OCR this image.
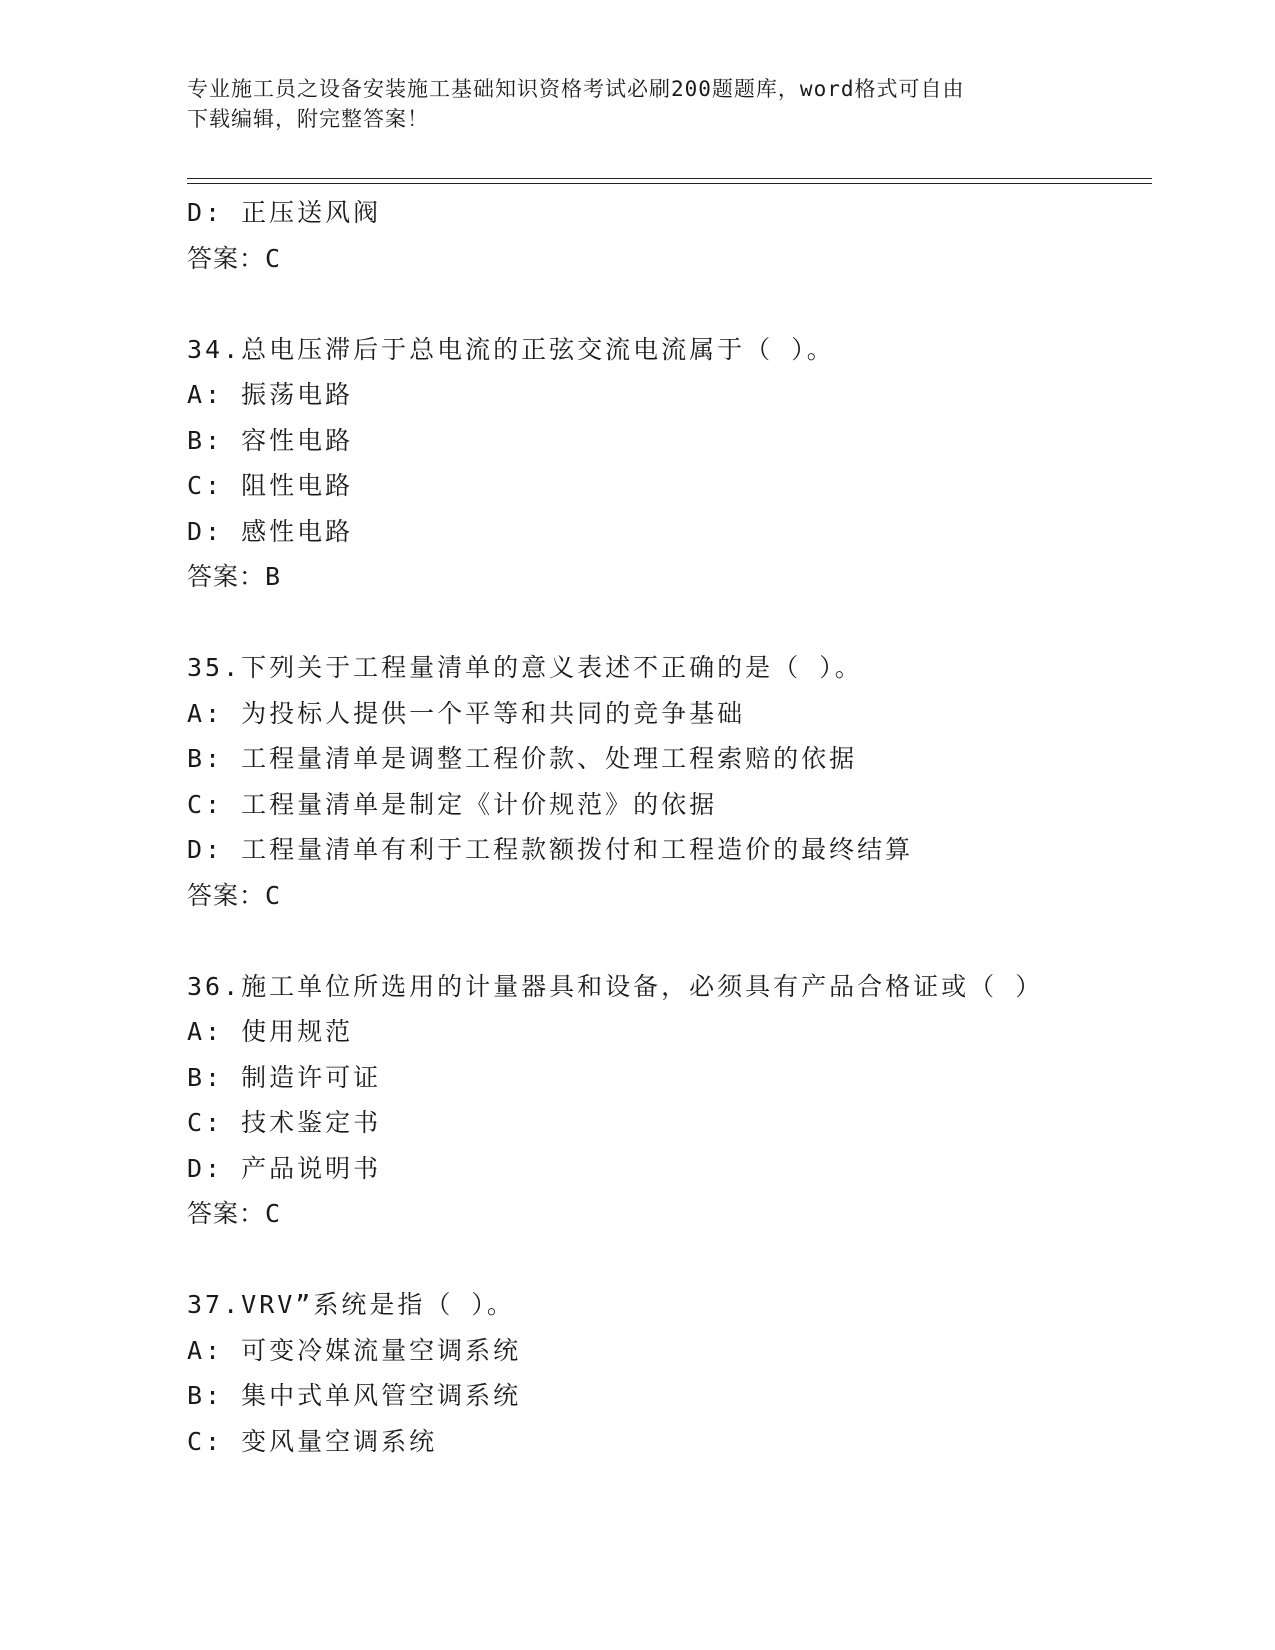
专业施工员之设备安装施工基础知识资格考试必刷200题题库，word格式可自由
下载编辑，附完整答案！
D: 正压送风阀
答案：C
34.总电压滞后于总电流的正弦交流电流属于（ ）。
A: 振荡电路
B: 容性电路
C: 阻性电路
D: 感性电路
答案：B
35.下列关于工程量清单的意义表述不正确的是（ ）。
A: 为投标人提供一个平等和共同的竞争基础
B: 工程量清单是调整工程价款、处理工程索赔的依据
C: 工程量清单是制定《计价规范》的依据
D: 工程量清单有利于工程款额拨付和工程造价的最终结算
答案：C
36.施工单位所选用的计量器具和设备，必须具有产品合格证或（ ）
A: 使用规范
B: 制造许可证
C: 技术鉴定书
D: 产品说明书
答案：C
37.VRV”系统是指（ ）。
A: 可变冷媒流量空调系统
B: 集中式单风管空调系统
C: 变风量空调系统
